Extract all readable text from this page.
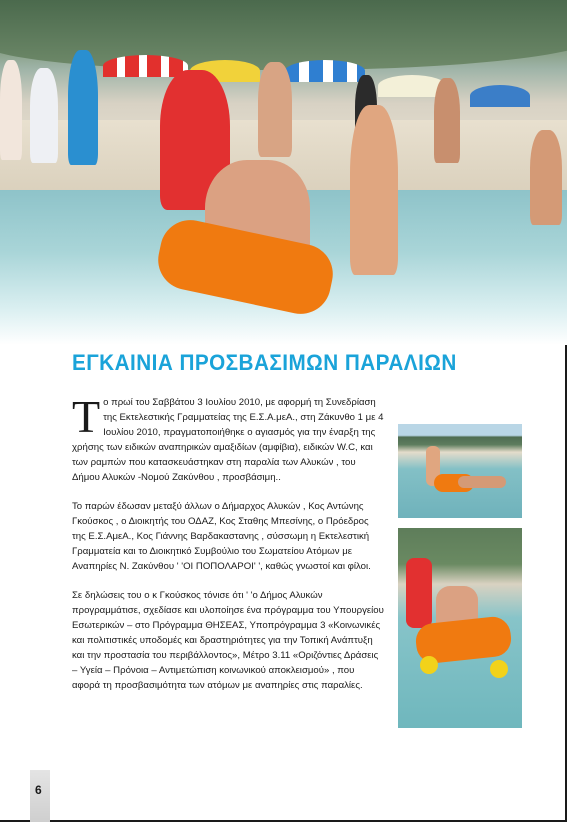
ΕΓΚΑΙΝΙΑ ΠΡΟΣΒΑΣΙΜΩΝ ΠΑΡΑΛΙΩΝ

Το πρωί του Σαββάτου 3 Ιουλίου 2010, με αφορμή τη Συνεδρίαση της Εκτελεστικής Γραμματείας της Ε.Σ.Α.μεΑ., στη Ζάκυνθο 1 με 4 Ιουλίου 2010, πραγματοποιήθηκε ο αγιασμός για την έναρξη της χρήσης των ειδικών αναπηρικών αμαξιδίων (αμφίβια), ειδικών W.C, και των ραμπών που κατασκευάστηκαν στη παραλία των Αλυκών , του Δήμου Αλυκών -Νομού Ζακύνθου , προσβάσιμη..

Το παρών έδωσαν μεταξύ άλλων ο Δήμαρχος Αλυκών , Κος Αντώνης Γκούσκος , ο Διοικητής του ΟΔΑΖ, Κος Σταθης Μπεσίνης, ο Πρόεδρος της Ε.Σ.ΑμεΑ., Κος Γιάννης Βαρδακαστανης , σύσσωμη η Εκτελεστική Γραμματεία και το Διοικητικό Συμβούλιο του Σωματείου Ατόμων με Αναπηρίες Ν. Ζακύνθου ' 'ΟΙ ΠΟΠΟΛΑΡΟΙ' ', καθώς γνωστοί και φίλοι.

Σε δηλώσεις του ο κ Γκούσκος τόνισε ότι ' 'ο Δήμος Αλυκών προγραμμάτισε, σχεδίασε και υλοποίησε ένα πρόγραμμα του Υπουργείου Εσωτερικών – στο Πρόγραμμα ΘΗΣΕΑΣ, Υποπρόγραμμα 3 «Κοινωνικές και πολιτιστικές υποδομές και δραστηριότητες για την Τοπική Ανάπτυξη και την προστασία του περιβάλλοντος», Μέτρο 3.11 «Οριζόντιες Δράσεις – Υγεία – Πρόνοια – Αντιμετώπιση κοινωνικού αποκλεισμού» , που αφορά τη προσβασιμότητα των ατόμων με αναπηρίες στις παραλίες.

6
